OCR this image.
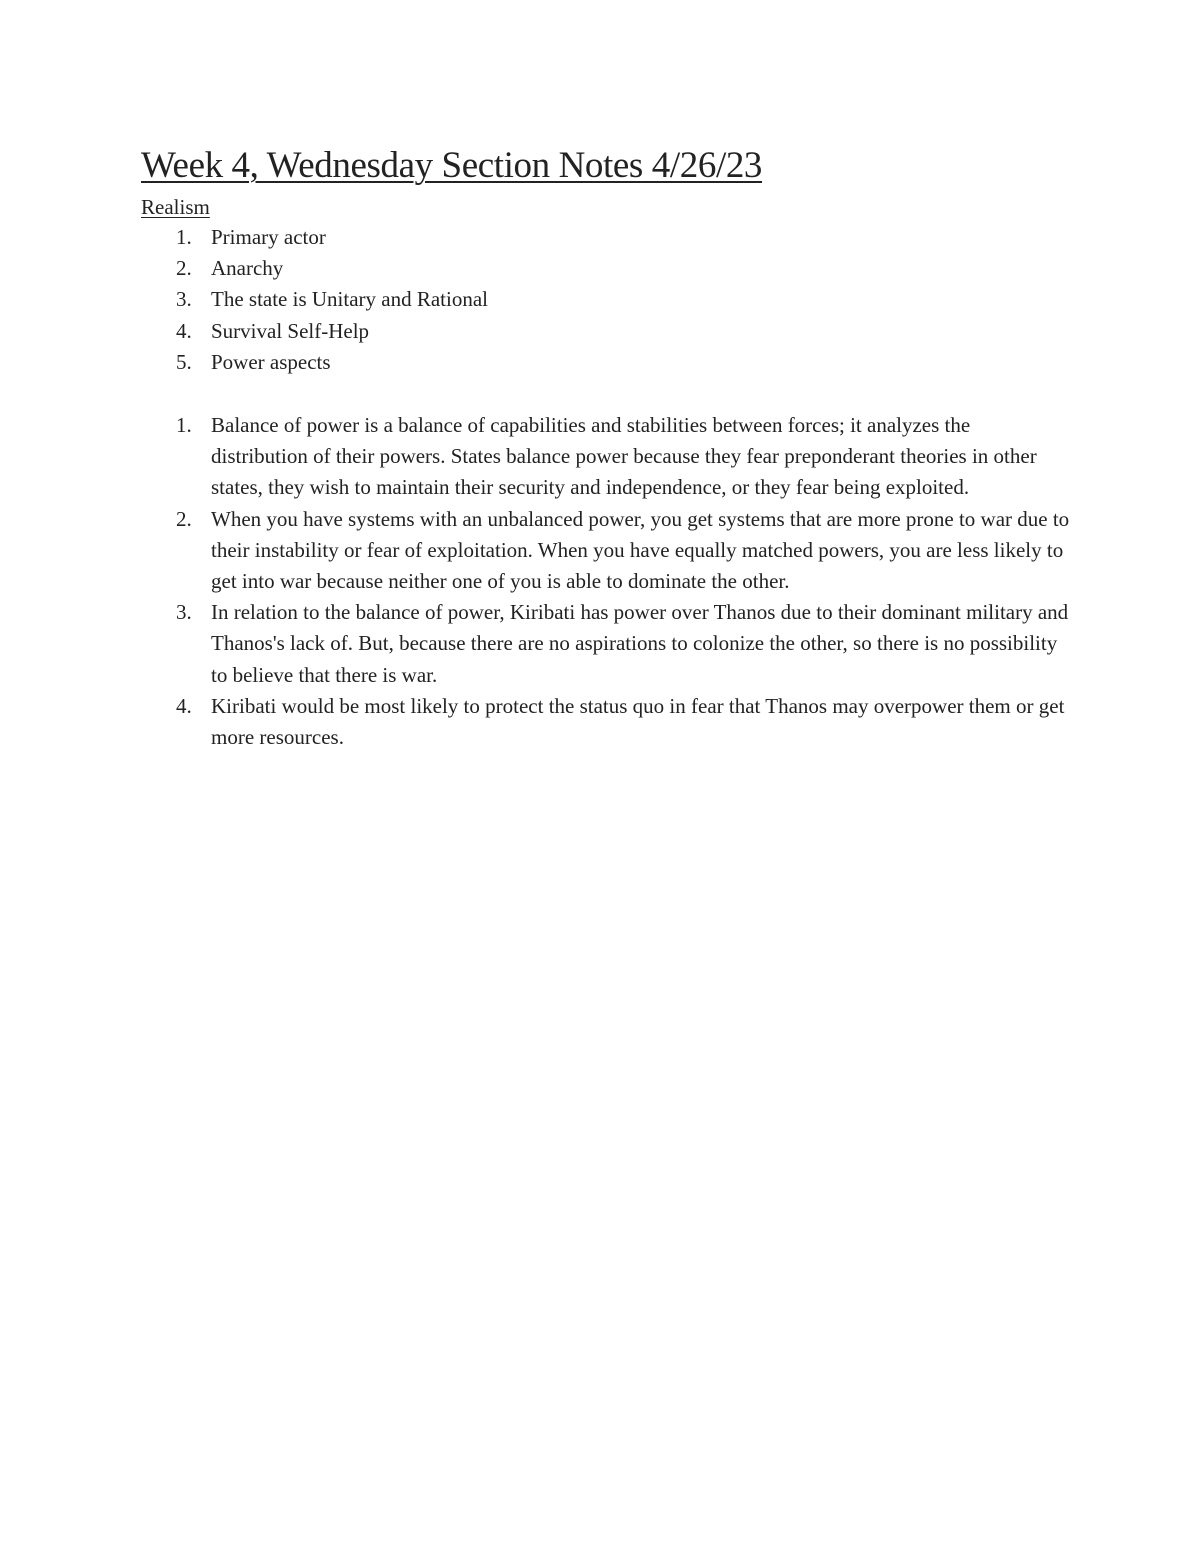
Week 4, Wednesday Section Notes 4/26/23
Realism
1. Primary actor
2. Anarchy
3. The state is Unitary and Rational
4. Survival Self-Help
5. Power aspects
1. Balance of power is a balance of capabilities and stabilities between forces; it analyzes the distribution of their powers. States balance power because they fear preponderant theories in other states, they wish to maintain their security and independence, or they fear being exploited.
2. When you have systems with an unbalanced power, you get systems that are more prone to war due to their instability or fear of exploitation. When you have equally matched powers, you are less likely to get into war because neither one of you is able to dominate the other.
3. In relation to the balance of power, Kiribati has power over Thanos due to their dominant military and Thanos's lack of. But, because there are no aspirations to colonize the other, so there is no possibility to believe that there is war.
4. Kiribati would be most likely to protect the status quo in fear that Thanos may overpower them or get more resources.
